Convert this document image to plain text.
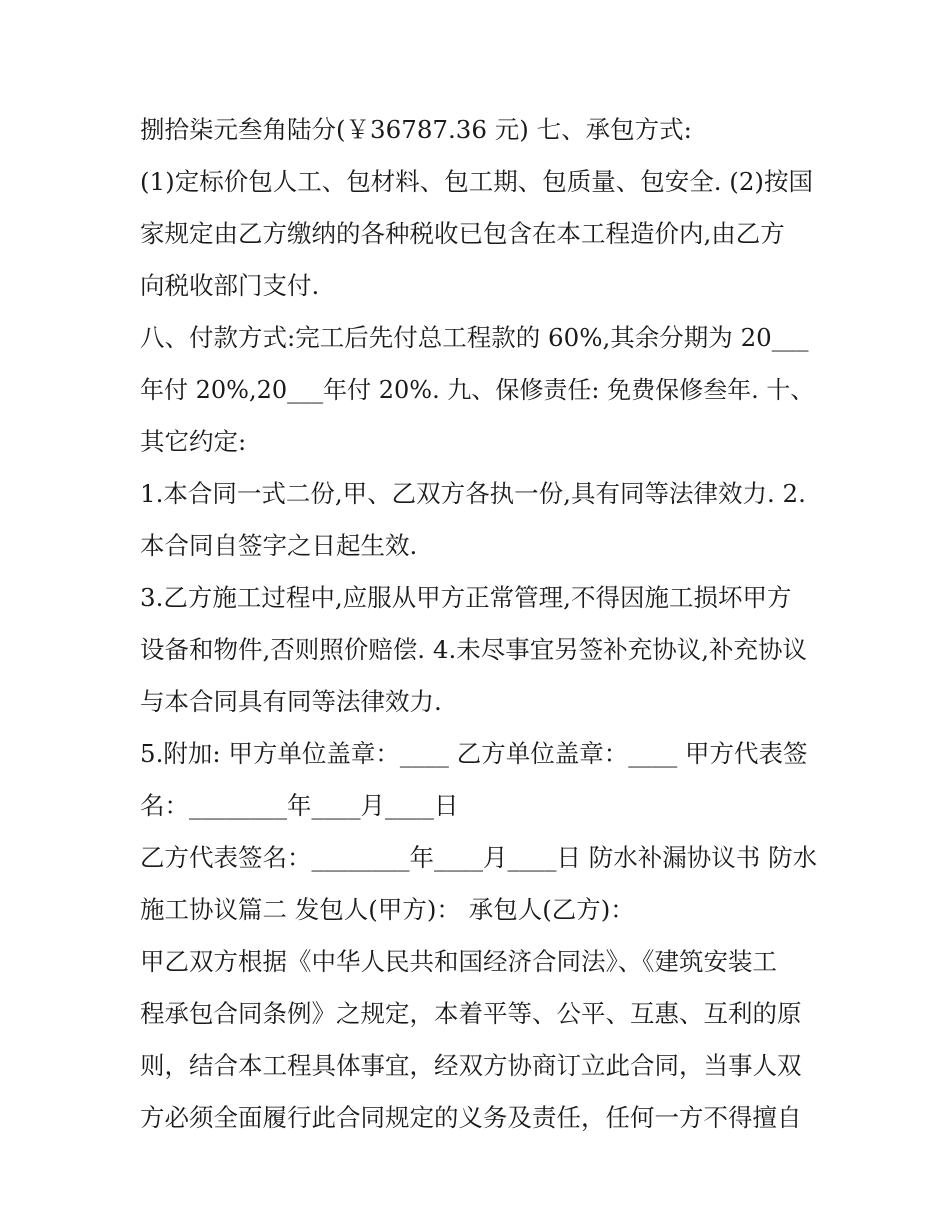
捌拾柒元叁角陆分(￥36787.36 元) 七、承包方式:

(1)定标价包人工、包材料、包工期、包质量、包安全. (2)按国

家规定由乙方缴纳的各种税收已包含在本工程造价内,由乙方

向税收部门支付.

八、付款方式:完工后先付总工程款的 60%,其余分期为 20___

年付 20%,20___年付 20%. 九、保修责任: 免费保修叁年. 十、

其它约定:

1.本合同一式二份,甲、乙双方各执一份,具有同等法律效力. 2.

本合同自签字之日起生效.

3.乙方施工过程中,应服从甲方正常管理,不得因施工损坏甲方

设备和物件,否则照价赔偿. 4.未尽事宜另签补充协议,补充协议

与本合同具有同等法律效力.

5.附加: 甲方单位盖章：____ 乙方单位盖章：____ 甲方代表签

名：________年____月____日

乙方代表签名：________年____月____日 防水补漏协议书 防水

施工协议篇二 发包人(甲方)： 承包人(乙方)：

甲乙双方根据《中华人民共和国经济合同法》、《建筑安装工

程承包合同条例》之规定，本着平等、公平、互惠、互利的原

则，结合本工程具体事宜，经双方协商订立此合同，当事人双

方必须全面履行此合同规定的义务及责任，任何一方不得擅自
